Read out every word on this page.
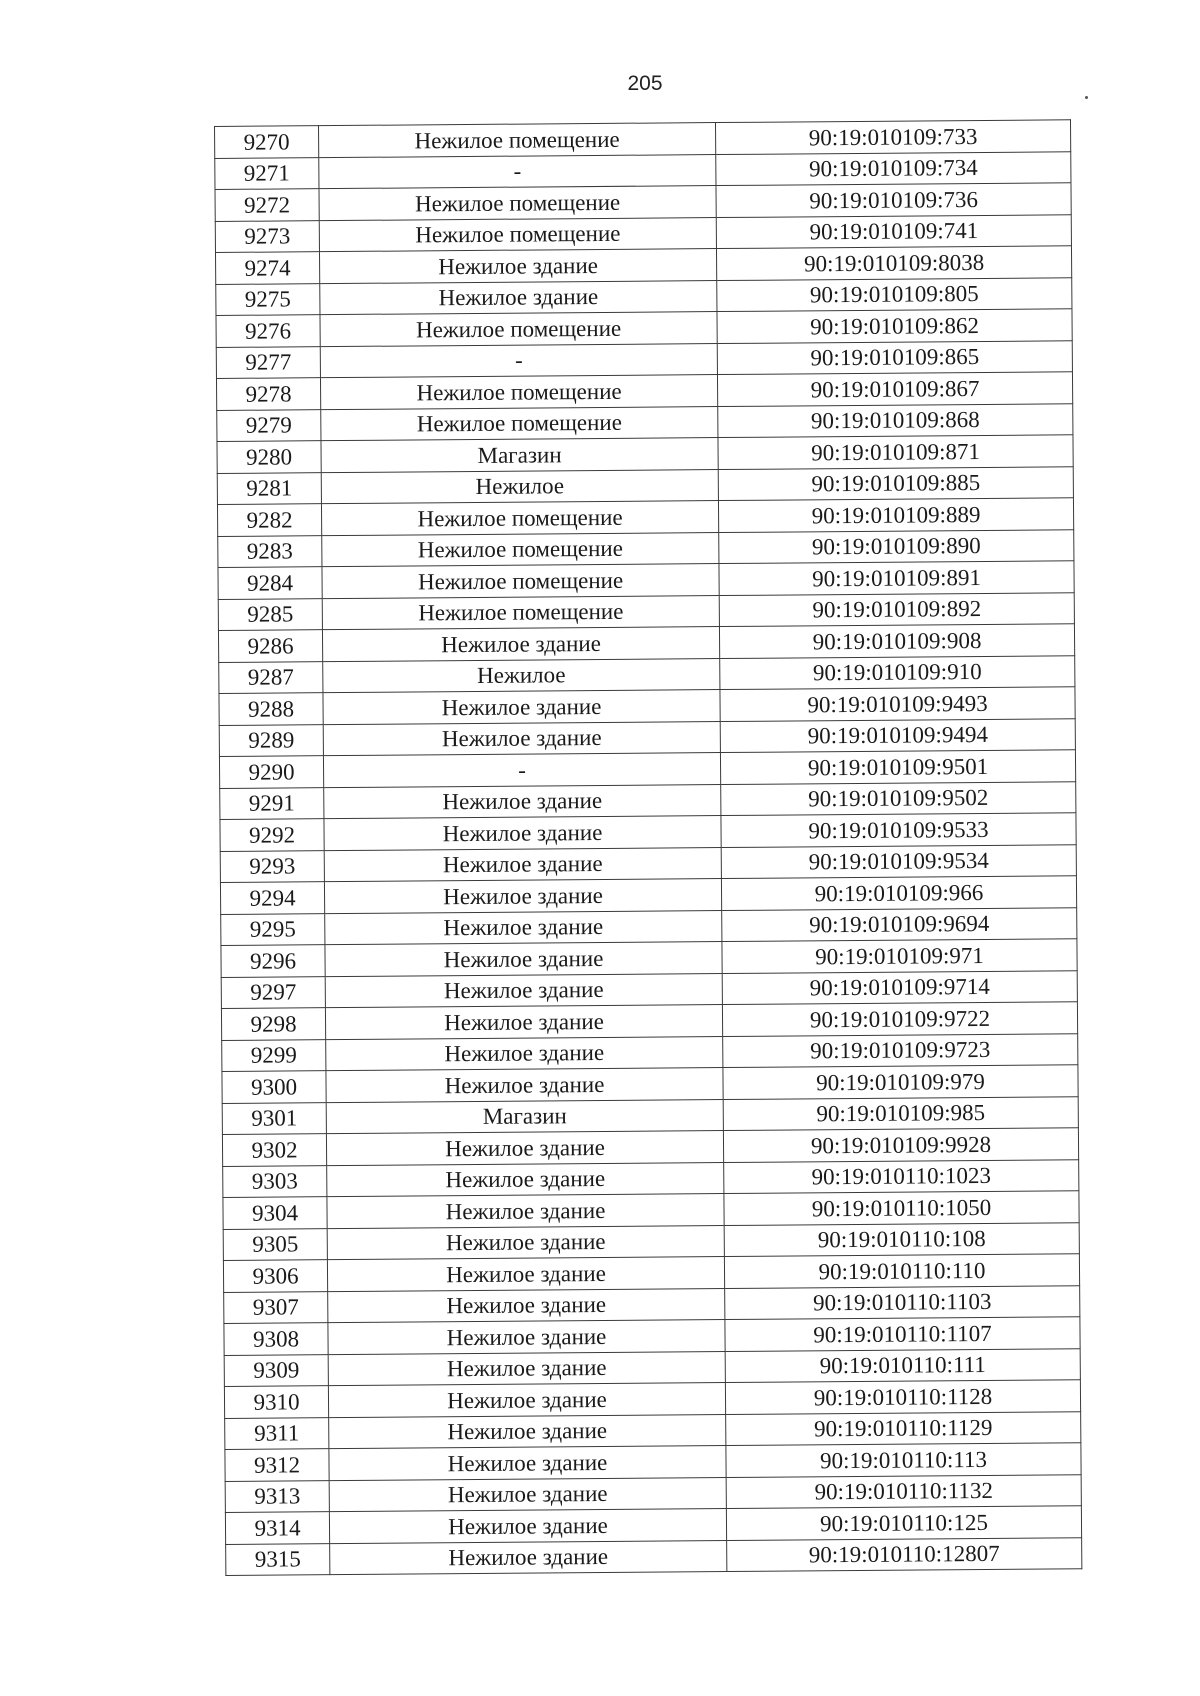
205
9270	Нежилое помещение	90:19:010109:733
9271	-	90:19:010109:734
9272	Нежилое помещение	90:19:010109:736
9273	Нежилое помещение	90:19:010109:741
9274	Нежилое здание	90:19:010109:8038
9275	Нежилое здание	90:19:010109:805
9276	Нежилое помещение	90:19:010109:862
9277	-	90:19:010109:865
9278	Нежилое помещение	90:19:010109:867
9279	Нежилое помещение	90:19:010109:868
9280	Магазин	90:19:010109:871
9281	Нежилое	90:19:010109:885
9282	Нежилое помещение	90:19:010109:889
9283	Нежилое помещение	90:19:010109:890
9284	Нежилое помещение	90:19:010109:891
9285	Нежилое помещение	90:19:010109:892
9286	Нежилое здание	90:19:010109:908
9287	Нежилое	90:19:010109:910
9288	Нежилое здание	90:19:010109:9493
9289	Нежилое здание	90:19:010109:9494
9290	-	90:19:010109:9501
9291	Нежилое здание	90:19:010109:9502
9292	Нежилое здание	90:19:010109:9533
9293	Нежилое здание	90:19:010109:9534
9294	Нежилое здание	90:19:010109:966
9295	Нежилое здание	90:19:010109:9694
9296	Нежилое здание	90:19:010109:971
9297	Нежилое здание	90:19:010109:9714
9298	Нежилое здание	90:19:010109:9722
9299	Нежилое здание	90:19:010109:9723
9300	Нежилое здание	90:19:010109:979
9301	Магазин	90:19:010109:985
9302	Нежилое здание	90:19:010109:9928
9303	Нежилое здание	90:19:010110:1023
9304	Нежилое здание	90:19:010110:1050
9305	Нежилое здание	90:19:010110:108
9306	Нежилое здание	90:19:010110:110
9307	Нежилое здание	90:19:010110:1103
9308	Нежилое здание	90:19:010110:1107
9309	Нежилое здание	90:19:010110:111
9310	Нежилое здание	90:19:010110:1128
9311	Нежилое здание	90:19:010110:1129
9312	Нежилое здание	90:19:010110:113
9313	Нежилое здание	90:19:010110:1132
9314	Нежилое здание	90:19:010110:125
9315	Нежилое здание	90:19:010110:12807
